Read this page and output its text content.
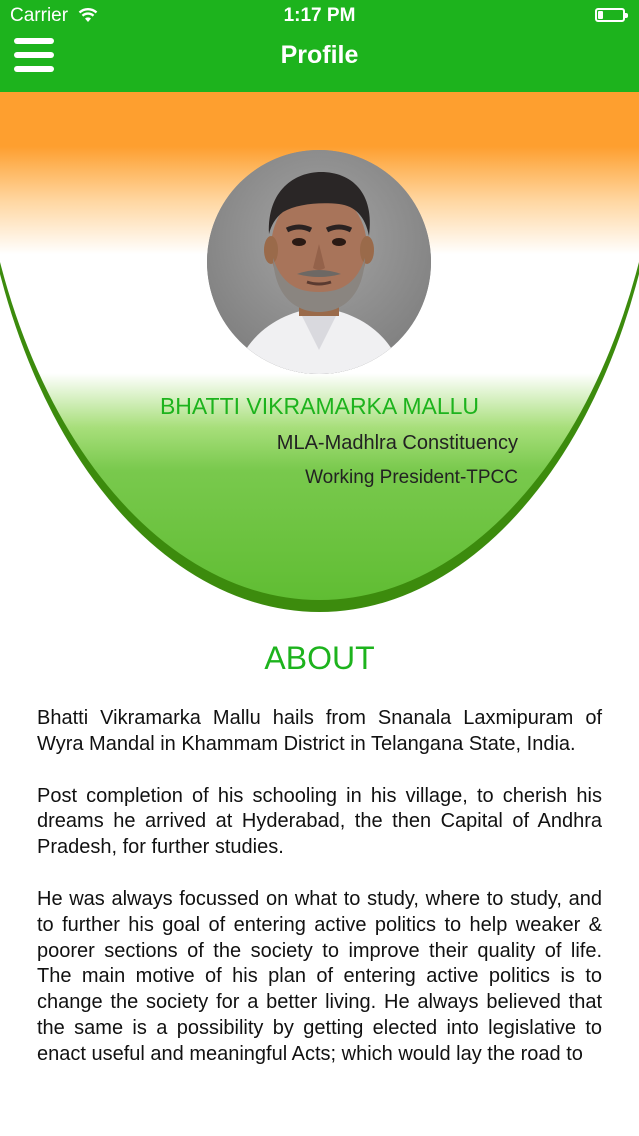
Carrier	1:17 PM
Profile
BHATTI VIKRAMARKA MALLU
MLA-Madhlra Constituency
Working President-TPCC
ABOUT

Bhatti Vikramarka Mallu hails from Snanala Laxmipuram of Wyra Mandal in Khammam District in Telangana State, India.

Post completion of his schooling in his village, to cherish his dreams he arrived at Hyderabad, the then Capital of Andhra Pradesh, for further studies.

He was always focussed on what to study, where to study, and to further his goal of entering active politics to help weaker & poorer sections of the society to improve their quality of life. The main motive of his plan of entering active politics is to change the society for a better living. He always believed that the same is a possibility by getting elected into legislative to enact useful and meaningful Acts; which would lay the road to
